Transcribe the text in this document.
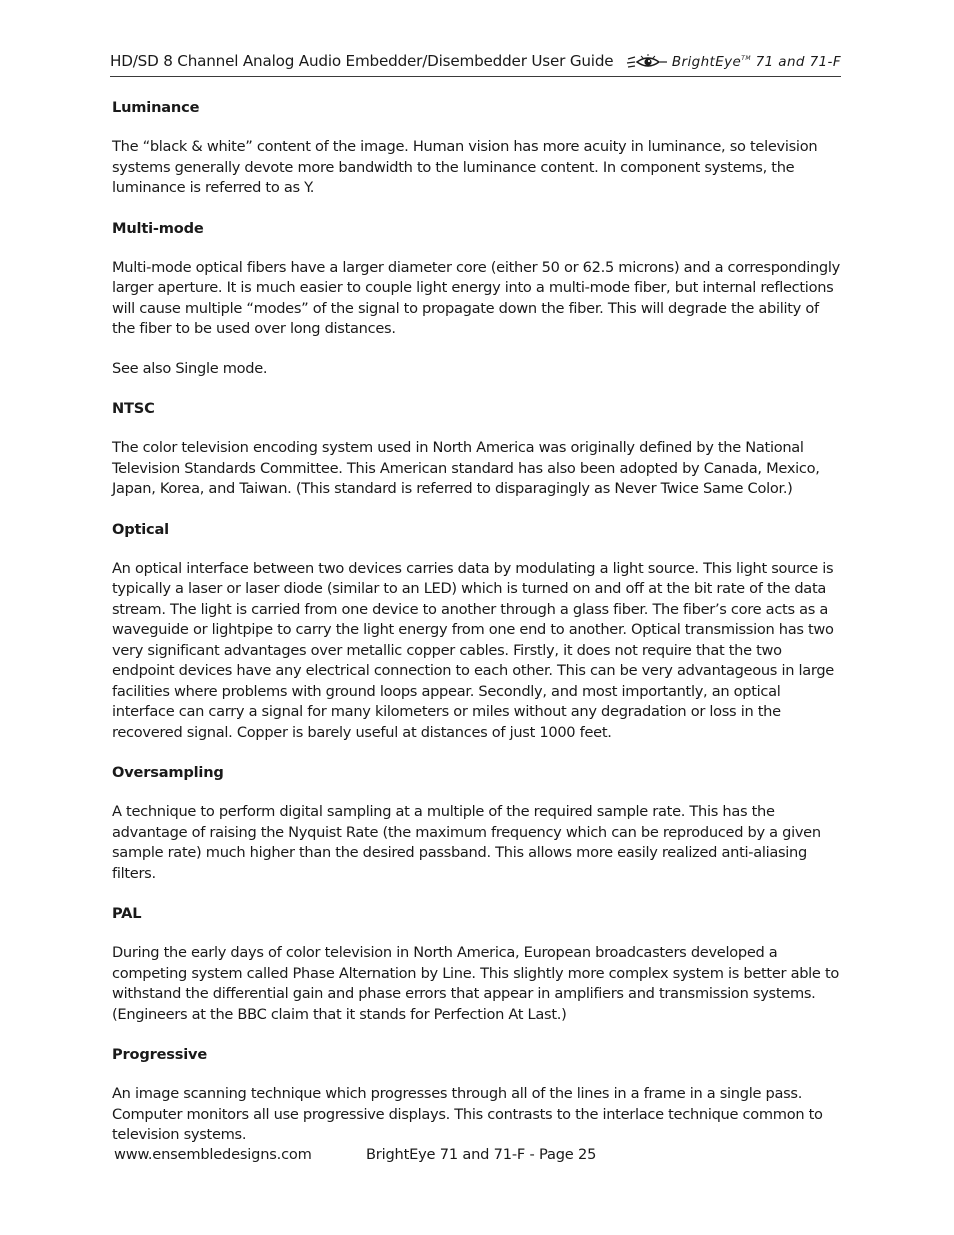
HD/SD 8 Channel Analog Audio Embedder/Disembedder User Guide	BrightEye™ 71 and 71-F
Luminance
The “black & white” content of the image. Human vision has more acuity in luminance, so television systems generally devote more bandwidth to the luminance content. In component systems, the luminance is referred to as Y.
Multi-mode
Multi-mode optical fibers have a larger diameter core (either 50 or 62.5 microns) and a correspondingly larger aperture. It is much easier to couple light energy into a multi-mode fiber, but internal reflections will cause multiple “modes” of the signal to propagate down the fiber. This will degrade the ability of the fiber to be used over long distances.
See also Single mode.
NTSC
The color television encoding system used in North America was originally defined by the National Television Standards Committee. This American standard has also been adopted by Canada, Mexico, Japan, Korea, and Taiwan. (This standard is referred to disparagingly as Never Twice Same Color.)
Optical
An optical interface between two devices carries data by modulating a light source. This light source is typically a laser or laser diode (similar to an LED) which is turned on and off at the bit rate of the data stream. The light is carried from one device to another through a glass fiber. The fiber’s core acts as a waveguide or lightpipe to carry the light energy from one end to another. Optical transmission has two very significant advantages over metallic copper cables. Firstly, it does not require that the two endpoint devices have any electrical connection to each other. This can be very advantageous in large facilities where problems with ground loops appear. Secondly, and most importantly, an optical interface can carry a signal for many kilometers or miles without any degradation or loss in the recovered signal. Copper is barely useful at distances of just 1000 feet.
Oversampling
A technique to perform digital sampling at a multiple of the required sample rate. This has the advantage of raising the Nyquist Rate (the maximum frequency which can be reproduced by a given sample rate) much higher than the desired passband. This allows more easily realized anti-aliasing filters.
PAL
During the early days of color television in North America, European broadcasters developed a competing system called Phase Alternation by Line. This slightly more complex system is better able to withstand the differential gain and phase errors that appear in amplifiers and transmission systems. (Engineers at the BBC claim that it stands for Perfection At Last.)
Progressive
An image scanning technique which progresses through all of the lines in a frame in a single pass. Computer monitors all use progressive displays. This contrasts to the interlace technique common to television systems.
www.ensembledesigns.com	BrightEye 71 and 71-F - Page 25
